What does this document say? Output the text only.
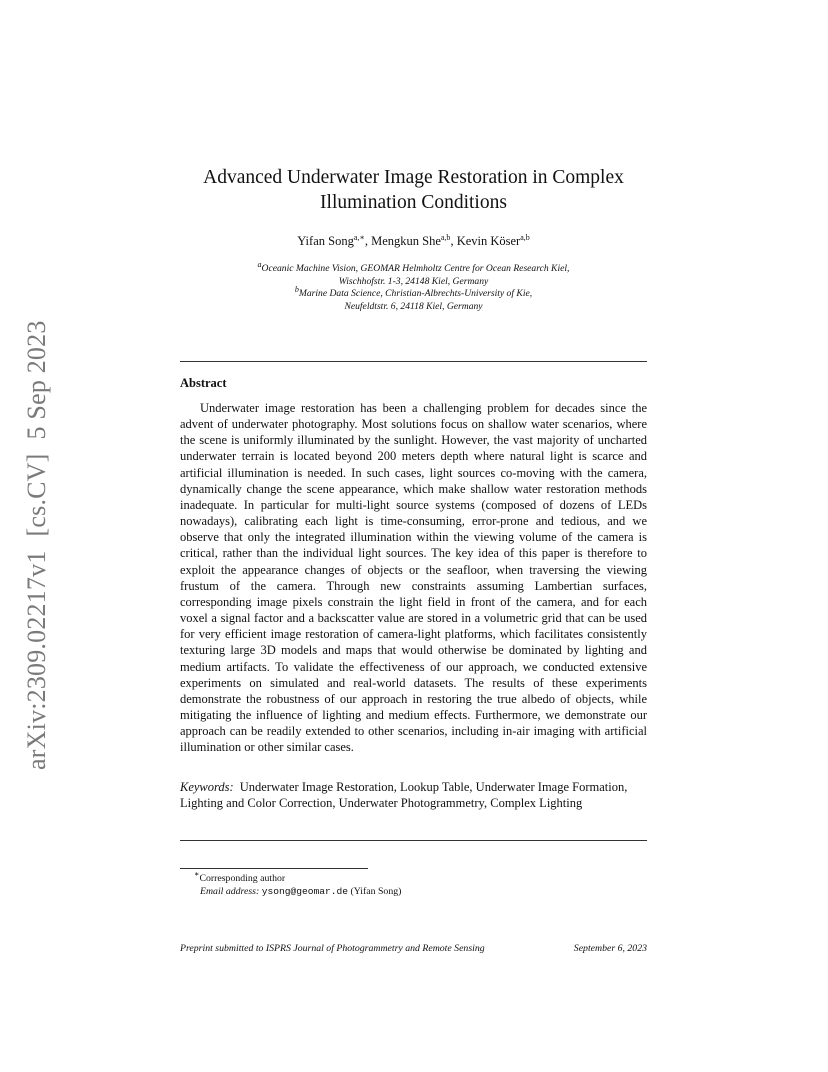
arXiv:2309.02217v1[cs.CV]5 Sep 2023
Advanced Underwater Image Restoration in Complex
Illumination Conditions
Yifan Song$^{a,∗}$, Mengkun She$^{a,b}$, Kevin Köser$^{a,b}$
$^a$Oceanic Machine Vision, GEOMAR Helmholtz Centre for Ocean Research Kiel,
Wischhofstr. 1-3, 24148 Kiel, Germany
$^b$Marine Data Science, Christian-Albrechts-University of Kie,
Neufeldtstr. 6, 24118 Kiel, Germany
Abstract

Underwater image restoration has been a challenging problem for decades since the advent of underwater photography. Most solutions focus on shallow water scenarios, where the scene is uniformly illuminated by the sunlight. However, the vast majority of uncharted underwater terrain is located beyond 200 meters depth where natural light is scarce and artificial illumination is needed. In such cases, light sources co-moving with the camera, dynamically change the scene appearance, which make shallow water restoration methods inadequate. In particular for multi-light source systems (composed of dozens of LEDs nowadays), calibrating each light is time-consuming, error-prone and tedious, and we observe that only the integrated illumination within the viewing volume of the camera is critical, rather than the individual light sources. The key idea of this paper is therefore to exploit the appearance changes of objects or the seafloor, when traversing the viewing frustum of the camera. Through new constraints assuming Lambertian surfaces, corresponding image pixels constrain the light field in front of the camera, and for each voxel a signal factor and a backscatter value are stored in a volumetric grid that can be used for very efficient image restoration of camera-light platforms, which facilitates consistently texturing large 3D models and maps that would otherwise be dominated by lighting and medium artifacts. To validate the effectiveness of our approach, we conducted extensive experiments on simulated and real-world datasets. The results of these experiments demonstrate the robustness of our approach in restoring the true albedo of objects, while mitigating the influence of lighting and medium effects. Furthermore, we demonstrate our approach can be readily extended to other scenarios, including in-air imaging with artificial illumination or other similar cases.

Keywords: Underwater Image Restoration, Lookup Table, Underwater Image Formation, Lighting and Color Correction, Underwater Photogrammetry, Complex Lighting
∗Corresponding author
Email address: ysong@geomar.de (Yifan Song)
Preprint submitted to ISPRS Journal of Photogrammetry and Remote Sensing	September 6, 2023
